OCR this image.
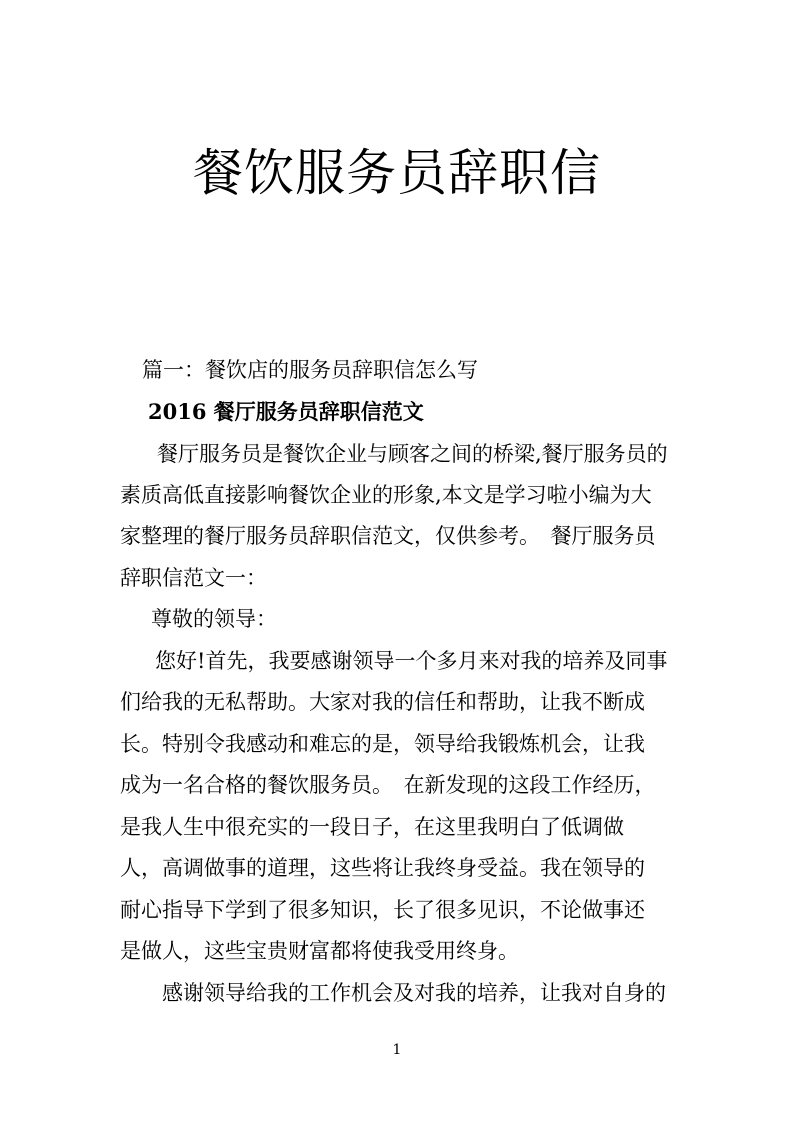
餐饮服务员辞职信
篇一：餐饮店的服务员辞职信怎么写
2016 餐厅服务员辞职信范文
餐厅服务员是餐饮企业与顾客之间的桥梁,餐厅服务员的
素质高低直接影响餐饮企业的形象,本文是学习啦小编为大
家整理的餐厅服务员辞职信范文，仅供参考。　餐厅服务员
辞职信范文一：
尊敬的领导：
您好!首先，我要感谢领导一个多月来对我的培养及同事
们给我的无私帮助。大家对我的信任和帮助，让我不断成
长。特别令我感动和难忘的是，领导给我锻炼机会，让我
成为一名合格的餐饮服务员。　在新发现的这段工作经历，
是我人生中很充实的一段日子，在这里我明白了低调做
人，高调做事的道理，这些将让我终身受益。我在领导的
耐心指导下学到了很多知识，长了很多见识，不论做事还
是做人，这些宝贵财富都将使我受用终身。
感谢领导给我的工作机会及对我的培养，让我对自身的
1
